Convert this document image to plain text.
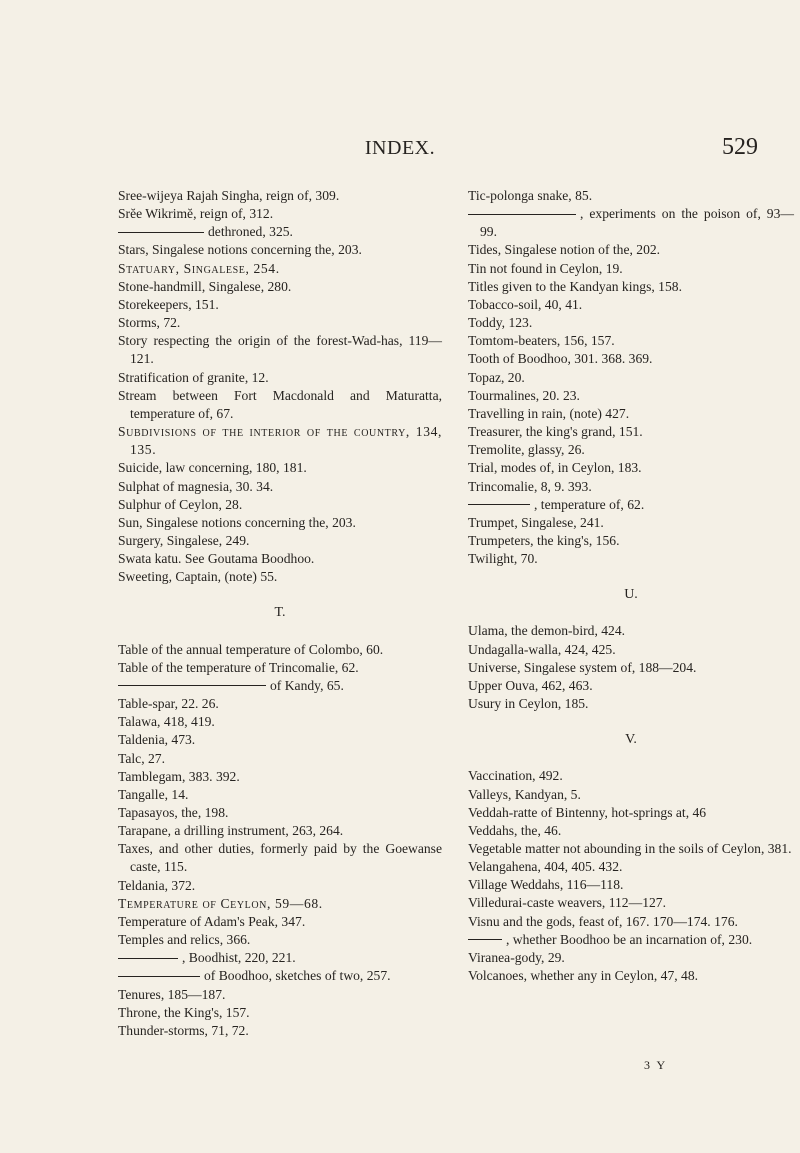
INDEX.	529

Sree-wijeya Rajah Singha, reign of, 309.

Srĕe Wikrimĕ, reign of, 312.

dethroned, 325.

Stars, Singalese notions concerning the, 203.

Statuary, Singalese, 254.

Stone-handmill, Singalese, 280.

Storekeepers, 151.

Storms, 72.

Story respecting the origin of the forest-Wad-has, 119—121.

Stratification of granite, 12.

Stream between Fort Macdonald and Maturatta, temperature of, 67.

Subdivisions of the interior of the country, 134, 135.

Suicide, law concerning, 180, 181.

Sulphat of magnesia, 30. 34.

Sulphur of Ceylon, 28.

Sun, Singalese notions concerning the, 203.

Surgery, Singalese, 249.

Swata katu. See Goutama Boodhoo.

Sweeting, Captain, (note) 55.

T.

Table of the annual temperature of Colombo, 60.

Table of the temperature of Trincomalie, 62.

of Kandy, 65.

Table-spar, 22. 26.

Talawa, 418, 419.

Taldenia, 473.

Talc, 27.

Tamblegam, 383. 392.

Tangalle, 14.

Tapasayos, the, 198.

Tarapane, a drilling instrument, 263, 264.

Taxes, and other duties, formerly paid by the Goewanse caste, 115.

Teldania, 372.

Temperature of Ceylon, 59—68.

Temperature of Adam's Peak, 347.

Temples and relics, 366.

, Boodhist, 220, 221.

of Boodhoo, sketches of two, 257.

Tenures, 185—187.

Throne, the King's, 157.

Thunder-storms, 71, 72.

Tic-polonga snake, 85.

, experiments on the poison of, 93—99.

Tides, Singalese notion of the, 202.

Tin not found in Ceylon, 19.

Titles given to the Kandyan kings, 158.

Tobacco-soil, 40, 41.

Toddy, 123.

Tomtom-beaters, 156, 157.

Tooth of Boodhoo, 301. 368. 369.

Topaz, 20.

Tourmalines, 20. 23.

Travelling in rain, (note) 427.

Treasurer, the king's grand, 151.

Tremolite, glassy, 26.

Trial, modes of, in Ceylon, 183.

Trincomalie, 8, 9. 393.

, temperature of, 62.

Trumpet, Singalese, 241.

Trumpeters, the king's, 156.

Twilight, 70.

U.

Ulama, the demon-bird, 424.

Undagalla-walla, 424, 425.

Universe, Singalese system of, 188—204.

Upper Ouva, 462, 463.

Usury in Ceylon, 185.

V.

Vaccination, 492.

Valleys, Kandyan, 5.

Veddah-ratte of Bintenny, hot-springs at, 46

Veddahs, the, 46.

Vegetable matter not abounding in the soils of Ceylon, 381.

Velangahena, 404, 405. 432.

Village Weddahs, 116—118.

Villedurai-caste weavers, 112—127.

Visnu and the gods, feast of, 167. 170—174. 176.

, whether Boodhoo be an incarnation of, 230.

Viranea-gody, 29.

Volcanoes, whether any in Ceylon, 47, 48.

3 Y
